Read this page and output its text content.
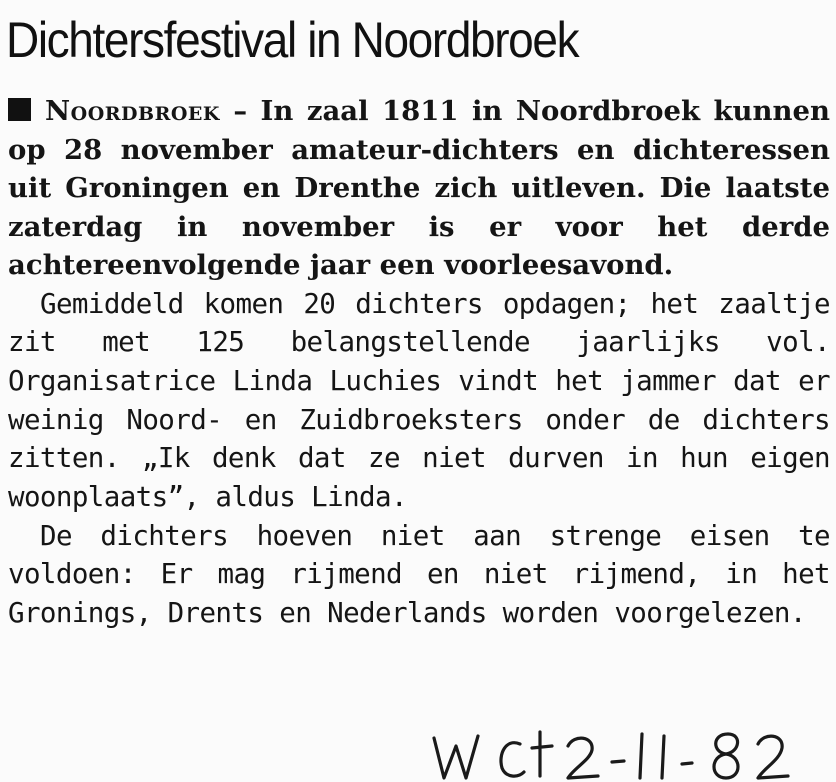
Dichtersfestival in Noordbroek

Noordbroek – In zaal 1811 in Noordbroek kunnen op 28 november amateur-dichters en dichteressen uit Groningen en Drenthe zich uitleven. Die laatste zaterdag in november is er voor het derde achtereenvolgende jaar een voorleesavond.

Gemiddeld komen 20 dichters opdagen; het zaaltje zit met 125 belangstellende jaarlijks vol. Organisatrice Linda Luchies vindt het jammer dat er weinig Noord- en Zuidbroeksters onder de dichters zitten. „Ik denk dat ze niet durven in hun eigen woonplaats”, aldus Linda.

De dichters hoeven niet aan strenge eisen te voldoen: Er mag rijmend en niet rijmend, in het Gronings, Drents en Nederlands worden voorgelezen.
